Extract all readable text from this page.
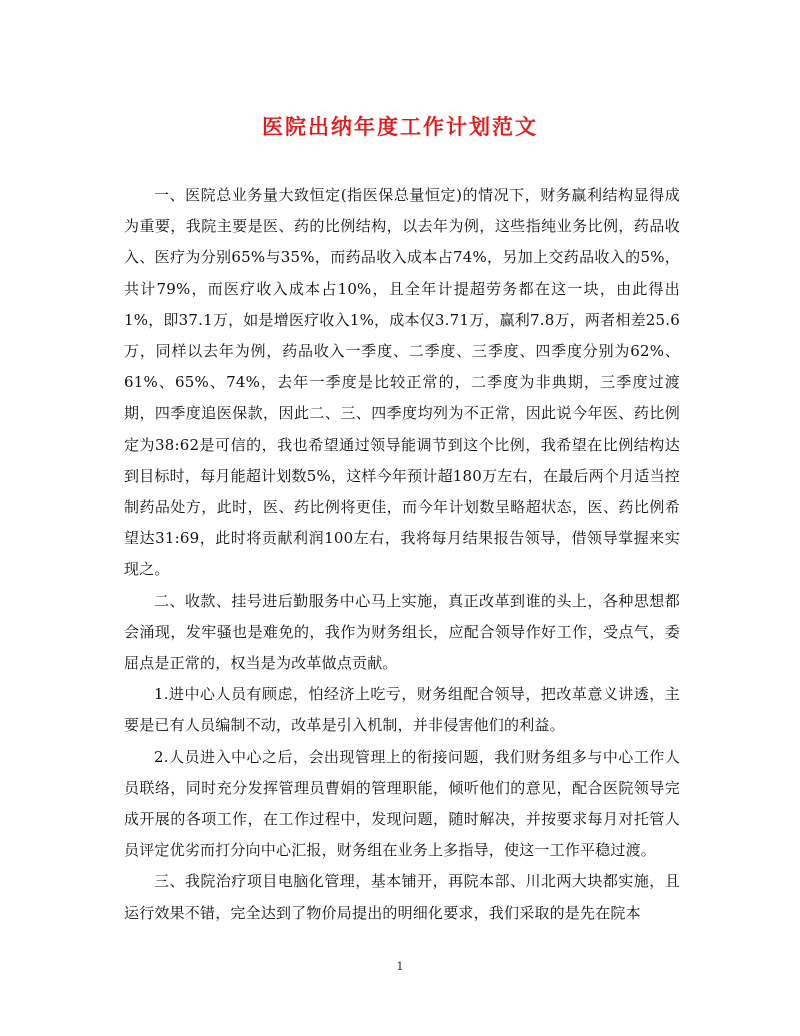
医院出纳年度工作计划范文

一、医院总业务量大致恒定(指医保总量恒定)的情况下，财务赢利结构显得成为重要，我院主要是医、药的比例结构，以去年为例，这些指纯业务比例，药品收入、医疗为分别65%与35%，而药品收入成本占74%，另加上交药品收入的5%，共计79%，而医疗收入成本占10%，且全年计提超劳务都在这一块，由此得出1%，即37.1万，如是增医疗收入1%，成本仅3.71万，赢利7.8万，两者相差25.6万，同样以去年为例，药品收入一季度、二季度、三季度、四季度分别为62%、61%、65%、74%，去年一季度是比较正常的，二季度为非典期，三季度过渡期，四季度追医保款，因此二、三、四季度均列为不正常，因此说今年医、药比例定为38:62是可信的，我也希望通过领导能调节到这个比例，我希望在比例结构达到目标时，每月能超计划数5%，这样今年预计超180万左右，在最后两个月适当控制药品处方，此时，医、药比例将更佳，而今年计划数呈略超状态，医、药比例希望达31:69，此时将贡献利润100左右，我将每月结果报告领导，借领导掌握来实现之。

二、收款、挂号进后勤服务中心马上实施，真正改革到谁的头上，各种思想都会涌现，发牢骚也是难免的，我作为财务组长，应配合领导作好工作，受点气，委屈点是正常的，权当是为改革做点贡献。

1.进中心人员有顾虑，怕经济上吃亏，财务组配合领导，把改革意义讲透，主要是已有人员编制不动，改革是引入机制，并非侵害他们的利益。

2.人员进入中心之后，会出现管理上的衔接问题，我们财务组多与中心工作人员联络，同时充分发挥管理员曹娟的管理职能，倾听他们的意见，配合医院领导完成开展的各项工作，在工作过程中，发现问题，随时解决，并按要求每月对托管人员评定优劣而打分向中心汇报，财务组在业务上多指导，使这一工作平稳过渡。

三、我院治疗项目电脑化管理，基本铺开，再院本部、川北两大块都实施，且运行效果不错，完全达到了物价局提出的明细化要求，我们采取的是先在院本

1
